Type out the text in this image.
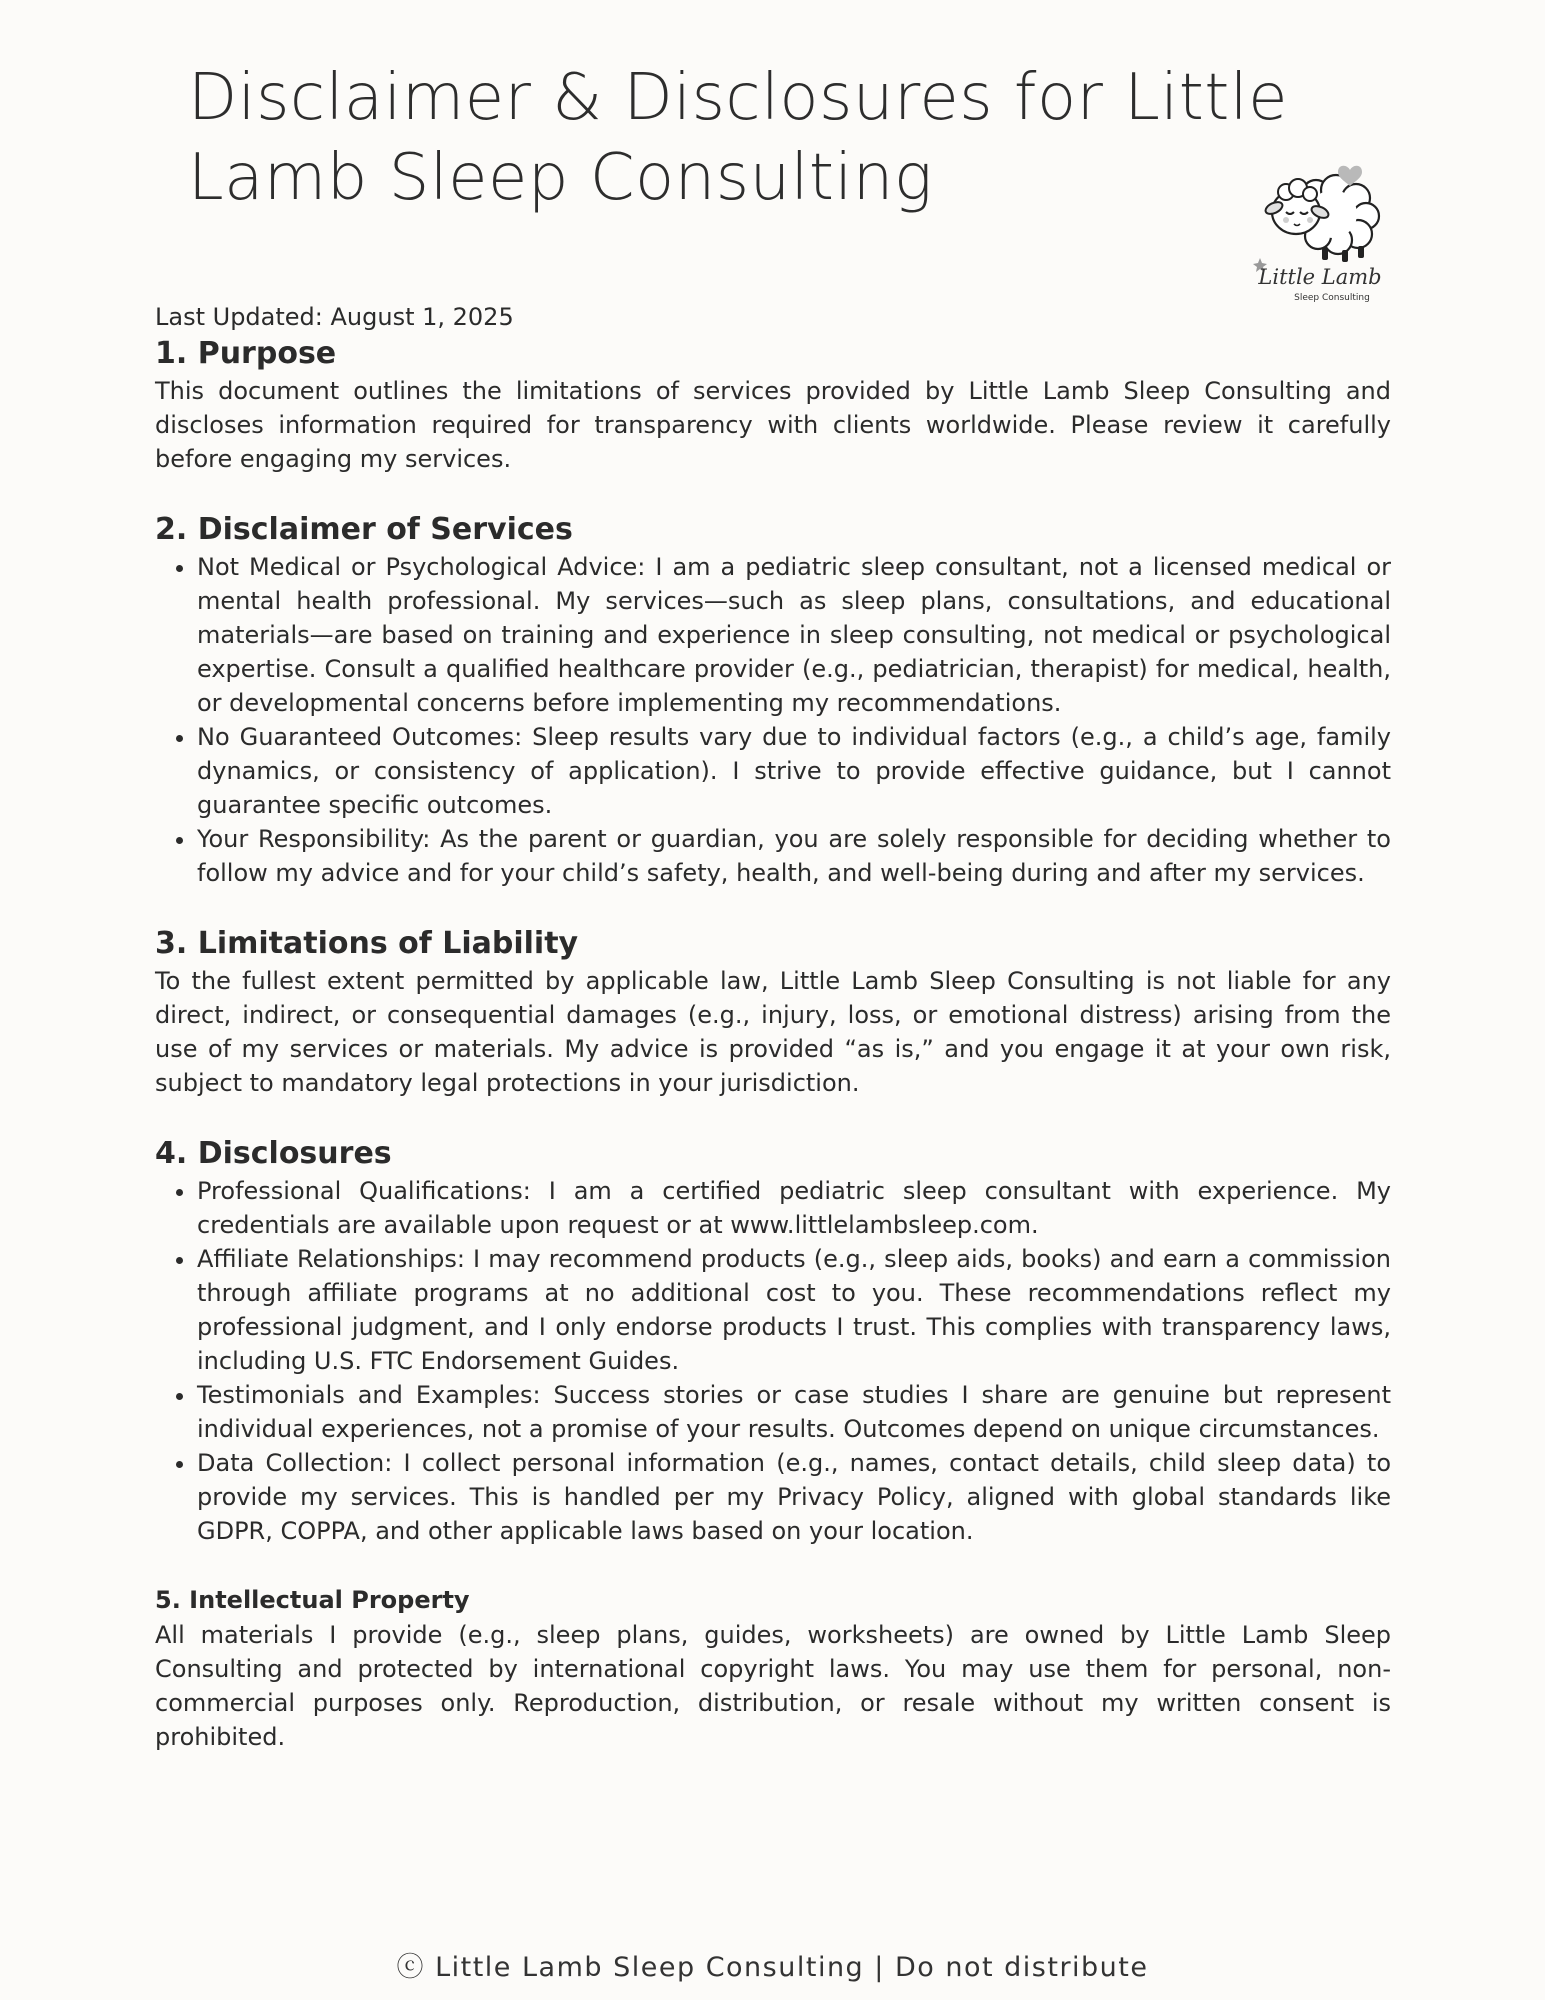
Disclaimer & Disclosures for Little Lamb Sleep Consulting
Little Lamb
Sleep Consulting

Last Updated: August 1, 2025

1. Purpose

This document outlines the limitations of services provided by Little Lamb Sleep Consulting and discloses information required for transparency with clients worldwide. Please review it carefully before engaging my services.

2. Disclaimer of Services
• Not Medical or Psychological Advice: I am a pediatric sleep consultant, not a licensed medical or mental health professional. My services—such as sleep plans, consultations, and educational materials—are based on training and experience in sleep consulting, not medical or psychological expertise. Consult a qualified healthcare provider (e.g., pediatrician, therapist) for medical, health, or developmental concerns before implementing my recommendations.
• No Guaranteed Outcomes: Sleep results vary due to individual factors (e.g., a child’s age, family dynamics, or consistency of application). I strive to provide effective guidance, but I cannot guarantee specific outcomes.
• Your Responsibility: As the parent or guardian, you are solely responsible for deciding whether to follow my advice and for your child’s safety, health, and well-being during and after my services.
3. Limitations of Liability

To the fullest extent permitted by applicable law, Little Lamb Sleep Consulting is not liable for any direct, indirect, or consequential damages (e.g., injury, loss, or emotional distress) arising from the use of my services or materials. My advice is provided “as is,” and you engage it at your own risk, subject to mandatory legal protections in your jurisdiction.

4. Disclosures
• Professional Qualifications: I am a certified pediatric sleep consultant with experience. My credentials are available upon request or at www.littlelambsleep.com.
• Affiliate Relationships: I may recommend products (e.g., sleep aids, books) and earn a commission through affiliate programs at no additional cost to you. These recommendations reflect my professional judgment, and I only endorse products I trust. This complies with transparency laws, including U.S. FTC Endorsement Guides.
• Testimonials and Examples: Success stories or case studies I share are genuine but represent individual experiences, not a promise of your results. Outcomes depend on unique circumstances.
• Data Collection: I collect personal information (e.g., names, contact details, child sleep data) to provide my services. This is handled per my Privacy Policy, aligned with global standards like GDPR, COPPA, and other applicable laws based on your location.
5. Intellectual Property

All materials I provide (e.g., sleep plans, guides, worksheets) are owned by Little Lamb Sleep Consulting and protected by international copyright laws. You may use them for personal, non-commercial purposes only. Reproduction, distribution, or resale without my written consent is prohibited.

ⓒ Little Lamb Sleep Consulting | Do not distribute
